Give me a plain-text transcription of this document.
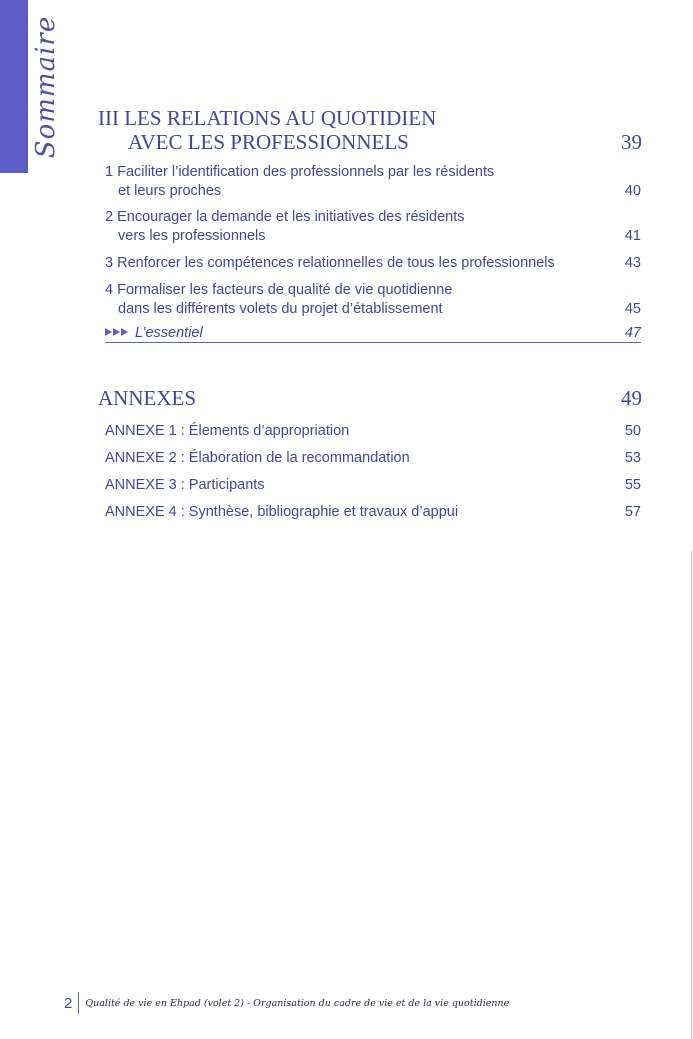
Sommaire III LES RELATIONS AU QUOTIDIEN
AVEC LES PROFESSIONNELS	39
1 Faciliter l’identification des professionnels par les résidents
et leurs proches	40
2 Encourager la demande et les initiatives des résidents
vers les professionnels	41
3 Renforcer les compétences relationnelles de tous les professionnels	43
4 Formaliser les facteurs de qualité de vie quotidienne
dans les différents volets du projet d’établissement	45
L’essentiel	47
ANNEXES	49
ANNEXE 1 : Élements d’appropriation	50
ANNEXE 2 : Élaboration de la recommandation	53
ANNEXE 3 : Participants	55
ANNEXE 4 : Synthèse, bibliographie et travaux d’appui	57
2	Qualité de vie en Ehpad (volet 2) - Organisation du cadre de vie et de la vie quotidienne
